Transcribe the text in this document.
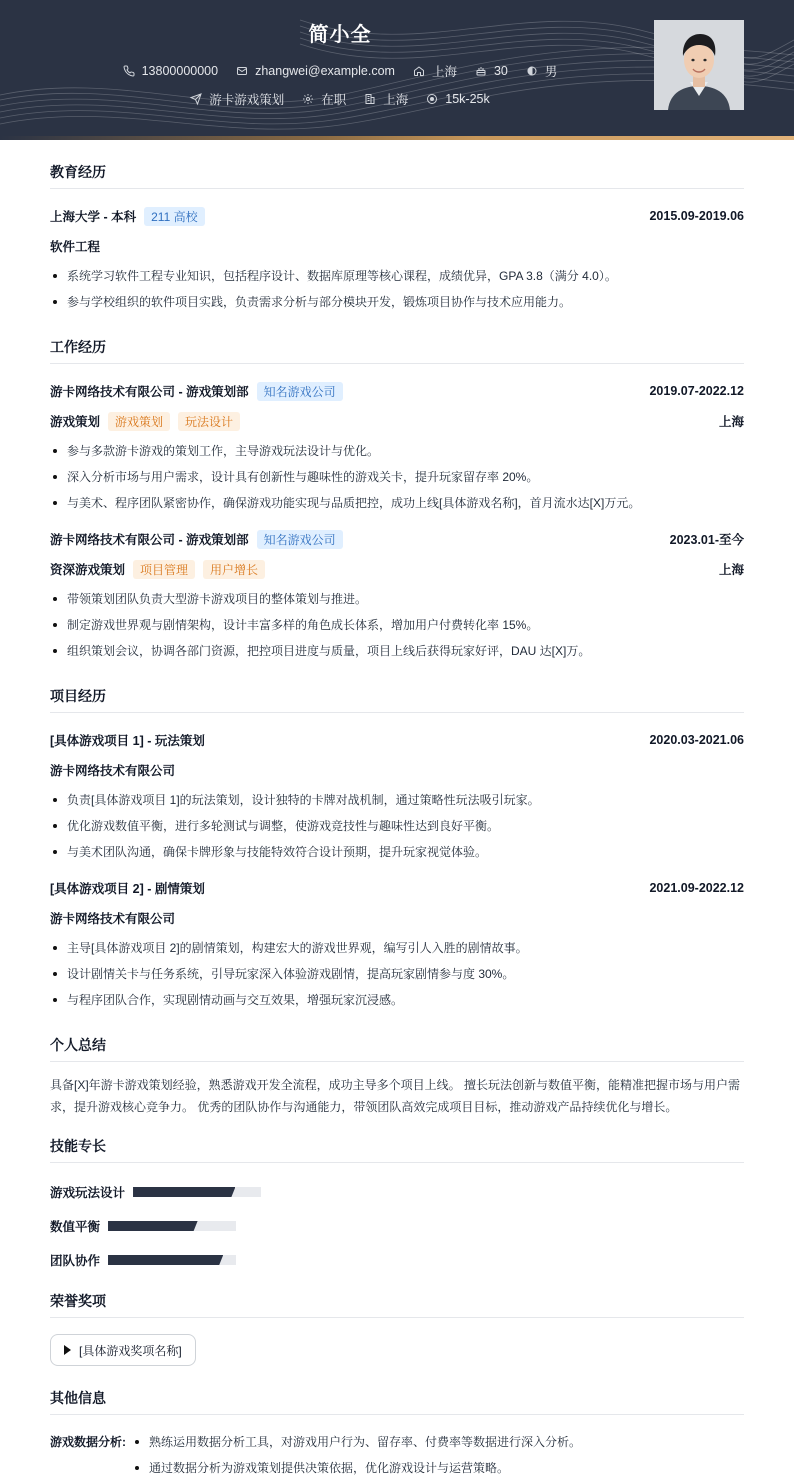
简小全
13800000000	zhangwei@example.com	上海	30	男
游卡游戏策划	在职	上海	15k-25k
教育经历
上海大学 - 本科	211 高校	2015.09-2019.06
软件工程
系统学习软件工程专业知识，包括程序设计、数据库原理等核心课程，成绩优异，GPA 3.8（满分 4.0）。
参与学校组织的软件项目实践，负责需求分析与部分模块开发，锻炼项目协作与技术应用能力。
工作经历
游卡网络技术有限公司 - 游戏策划部	知名游戏公司	2019.07-2022.12
游戏策划	游戏策划	玩法设计	上海
参与多款游卡游戏的策划工作，主导游戏玩法设计与优化。
深入分析市场与用户需求，设计具有创新性与趣味性的游戏关卡，提升玩家留存率 20%。
与美术、程序团队紧密协作，确保游戏功能实现与品质把控，成功上线[具体游戏名称]，首月流水达[X]万元。
游卡网络技术有限公司 - 游戏策划部	知名游戏公司	2023.01-至今
资深游戏策划	项目管理	用户增长	上海
带领策划团队负责大型游卡游戏项目的整体策划与推进。
制定游戏世界观与剧情架构，设计丰富多样的角色成长体系，增加用户付费转化率 15%。
组织策划会议，协调各部门资源，把控项目进度与质量，项目上线后获得玩家好评，DAU 达[X]万。
项目经历
[具体游戏项目 1] - 玩法策划	2020.03-2021.06
游卡网络技术有限公司
负责[具体游戏项目 1]的玩法策划，设计独特的卡牌对战机制，通过策略性玩法吸引玩家。
优化游戏数值平衡，进行多轮测试与调整，使游戏竞技性与趣味性达到良好平衡。
与美术团队沟通，确保卡牌形象与技能特效符合设计预期，提升玩家视觉体验。
[具体游戏项目 2] - 剧情策划	2021.09-2022.12
游卡网络技术有限公司
主导[具体游戏项目 2]的剧情策划，构建宏大的游戏世界观，编写引人入胜的剧情故事。
设计剧情关卡与任务系统，引导玩家深入体验游戏剧情，提高玩家剧情参与度 30%。
与程序团队合作，实现剧情动画与交互效果，增强玩家沉浸感。
个人总结
具备[X]年游卡游戏策划经验，熟悉游戏开发全流程，成功主导多个项目上线。 擅长玩法创新与数值平衡，能精准把握市场与用户需求，提升游戏核心竞争力。 优秀的团队协作与沟通能力，带领团队高效完成项目目标，推动游戏产品持续优化与增长。
技能专长
游戏玩法设计
数值平衡
团队协作
荣誉奖项
[具体游戏奖项名称]
其他信息
游戏数据分析:	熟练运用数据分析工具，对游戏用户行为、留存率、付费率等数据进行深入分析。
通过数据分析为游戏策划提供决策依据，优化游戏设计与运营策略。
